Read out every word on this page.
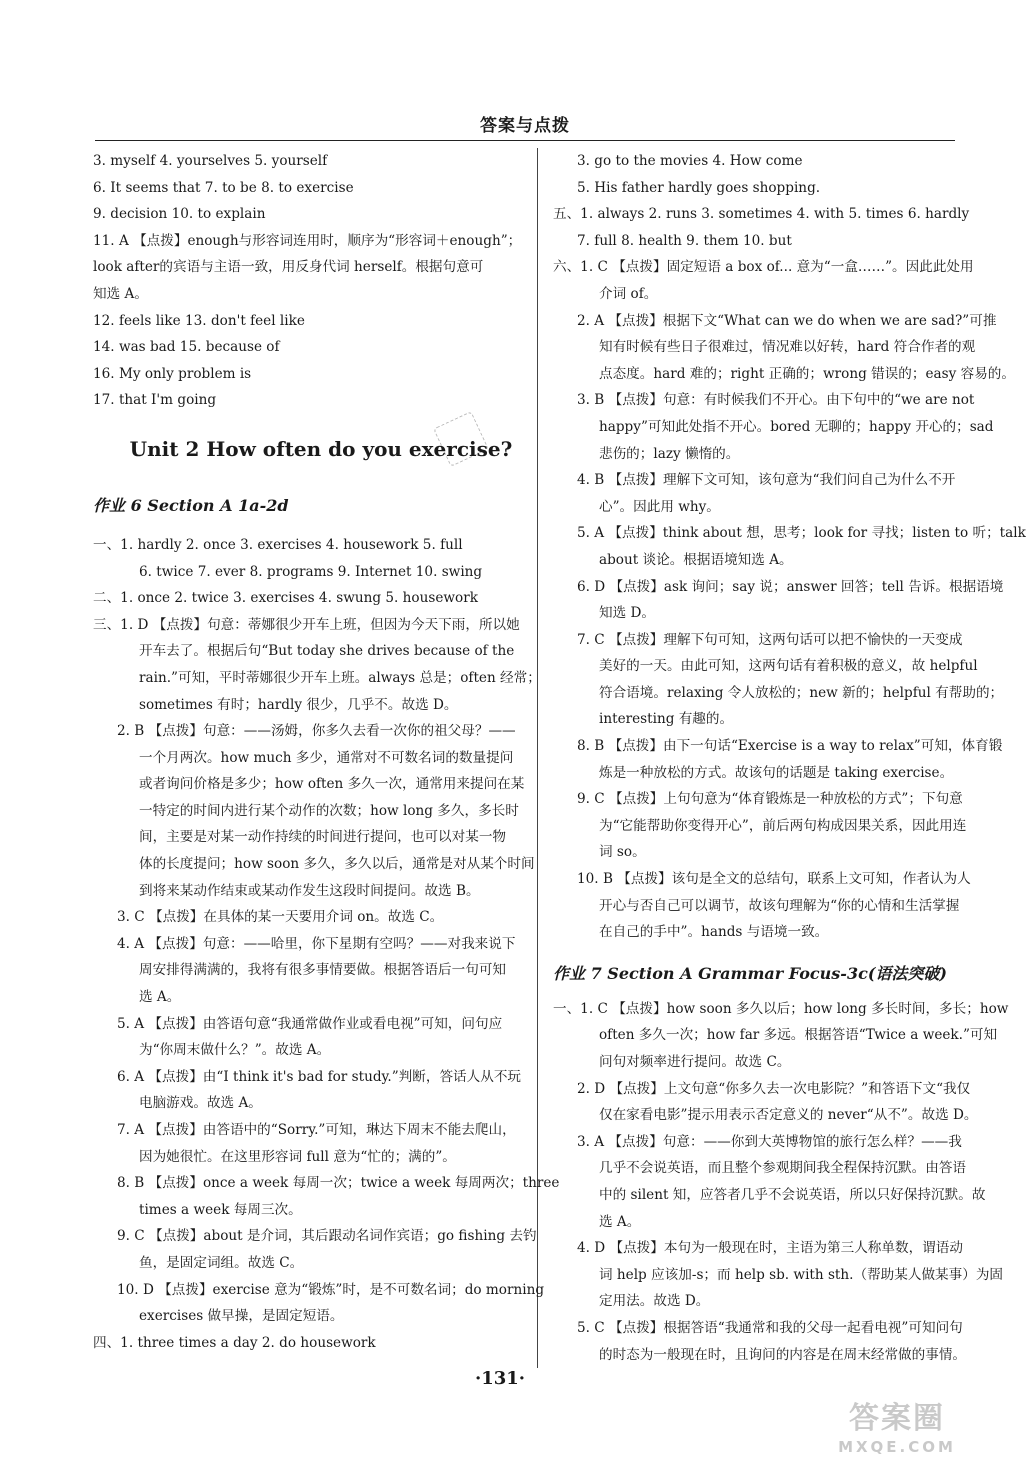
答案与点拨
3. myself 4. yourselves 5. yourself
6. It seems that 7. to be 8. to exercise
9. decision 10. to explain
11. A 【点拨】enough与形容词连用时，顺序为“形容词＋enough”；
look after的宾语与主语一致，用反身代词 herself。根据句意可
知选 A。
12. feels like 13. don't feel like
14. was bad 15. because of
16. My only problem is
17. that I'm going
Unit 2 How often do you exercise?
作业 6 Section A 1a-2d
一、1. hardly 2. once 3. exercises 4. housework 5. full
6. twice 7. ever 8. programs 9. Internet 10. swing
二、1. once 2. twice 3. exercises 4. swung 5. housework
三、1. D 【点拨】句意：蒂娜很少开车上班，但因为今天下雨，所以她
开车去了。根据后句“But today she drives because of the
rain.”可知，平时蒂娜很少开车上班。always 总是；often 经常；
sometimes 有时；hardly 很少，几乎不。故选 D。
2. B 【点拨】句意：——汤姆，你多久去看一次你的祖父母？——
一个月两次。how much 多少，通常对不可数名词的数量提问
或者询问价格是多少；how often 多久一次，通常用来提问在某
一特定的时间内进行某个动作的次数；how long 多久，多长时
间，主要是对某一动作持续的时间进行提问，也可以对某一物
体的长度提问；how soon 多久，多久以后，通常是对从某个时间
到将来某动作结束或某动作发生这段时间提问。故选 B。
3. C 【点拨】在具体的某一天要用介词 on。故选 C。
4. A 【点拨】句意：——哈里，你下星期有空吗？——对我来说下
周安排得满满的，我将有很多事情要做。根据答语后一句可知
选 A。
5. A 【点拨】由答语句意“我通常做作业或看电视”可知，问句应
为“你周末做什么？”。故选 A。
6. A 【点拨】由“I think it's bad for study.”判断，答话人从不玩
电脑游戏。故选 A。
7. A 【点拨】由答语中的“Sorry.”可知，琳达下周末不能去爬山，
因为她很忙。在这里形容词 full 意为“忙的；满的”。
8. B 【点拨】once a week 每周一次；twice a week 每周两次；three
times a week 每周三次。
9. C 【点拨】about 是介词，其后跟动名词作宾语；go fishing 去钓
鱼，是固定词组。故选 C。
10. D 【点拨】exercise 意为“锻炼”时，是不可数名词；do morning
exercises 做早操，是固定短语。
四、1. three times a day 2. do housework
3. go to the movies 4. How come
5. His father hardly goes shopping.
五、1. always 2. runs 3. sometimes 4. with 5. times 6. hardly
7. full 8. health 9. them 10. but
六、1. C 【点拨】固定短语 a box of... 意为“一盒……”。因此此处用
介词 of。
2. A 【点拨】根据下文“What can we do when we are sad?”可推
知有时候有些日子很难过，情况难以好转，hard 符合作者的观
点态度。hard 难的；right 正确的；wrong 错误的；easy 容易的。
3. B 【点拨】句意：有时候我们不开心。由下句中的“we are not
happy”可知此处指不开心。bored 无聊的；happy 开心的；sad
悲伤的；lazy 懒惰的。
4. B 【点拨】理解下文可知，该句意为“我们问自己为什么不开
心”。因此用 why。
5. A 【点拨】think about 想，思考；look for 寻找；listen to 听；talk
about 谈论。根据语境知选 A。
6. D 【点拨】ask 询问；say 说；answer 回答；tell 告诉。根据语境
知选 D。
7. C 【点拨】理解下句可知，这两句话可以把不愉快的一天变成
美好的一天。由此可知，这两句话有着积极的意义，故 helpful
符合语境。relaxing 令人放松的；new 新的；helpful 有帮助的；
interesting 有趣的。
8. B 【点拨】由下一句话“Exercise is a way to relax”可知，体育锻
炼是一种放松的方式。故该句的话题是 taking exercise。
9. C 【点拨】上句句意为“体育锻炼是一种放松的方式”；下句意
为“它能帮助你变得开心”，前后两句构成因果关系，因此用连
词 so。
10. B 【点拨】该句是全文的总结句，联系上文可知，作者认为人
开心与否自己可以调节，故该句理解为“你的心情和生活掌握
在自己的手中”。hands 与语境一致。
作业 7 Section A Grammar Focus-3c(语法突破)
一、1. C 【点拨】how soon 多久以后；how long 多长时间，多长；how
often 多久一次；how far 多远。根据答语“Twice a week.”可知
问句对频率进行提问。故选 C。
2. D 【点拨】上文句意“你多久去一次电影院？”和答语下文“我仅
仅在家看电影”提示用表示否定意义的 never“从不”。故选 D。
3. A 【点拨】句意：——你到大英博物馆的旅行怎么样？——我
几乎不会说英语，而且整个参观期间我全程保持沉默。由答语
中的 silent 知，应答者几乎不会说英语，所以只好保持沉默。故
选 A。
4. D 【点拨】本句为一般现在时，主语为第三人称单数，谓语动
词 help 应该加-s；而 help sb. with sth.（帮助某人做某事）为固
定用法。故选 D。
5. C 【点拨】根据答语“我通常和我的父母一起看电视”可知问句
的时态为一般现在时，且询问的内容是在周末经常做的事情。
·131·
答案圈
MXQE.COM
